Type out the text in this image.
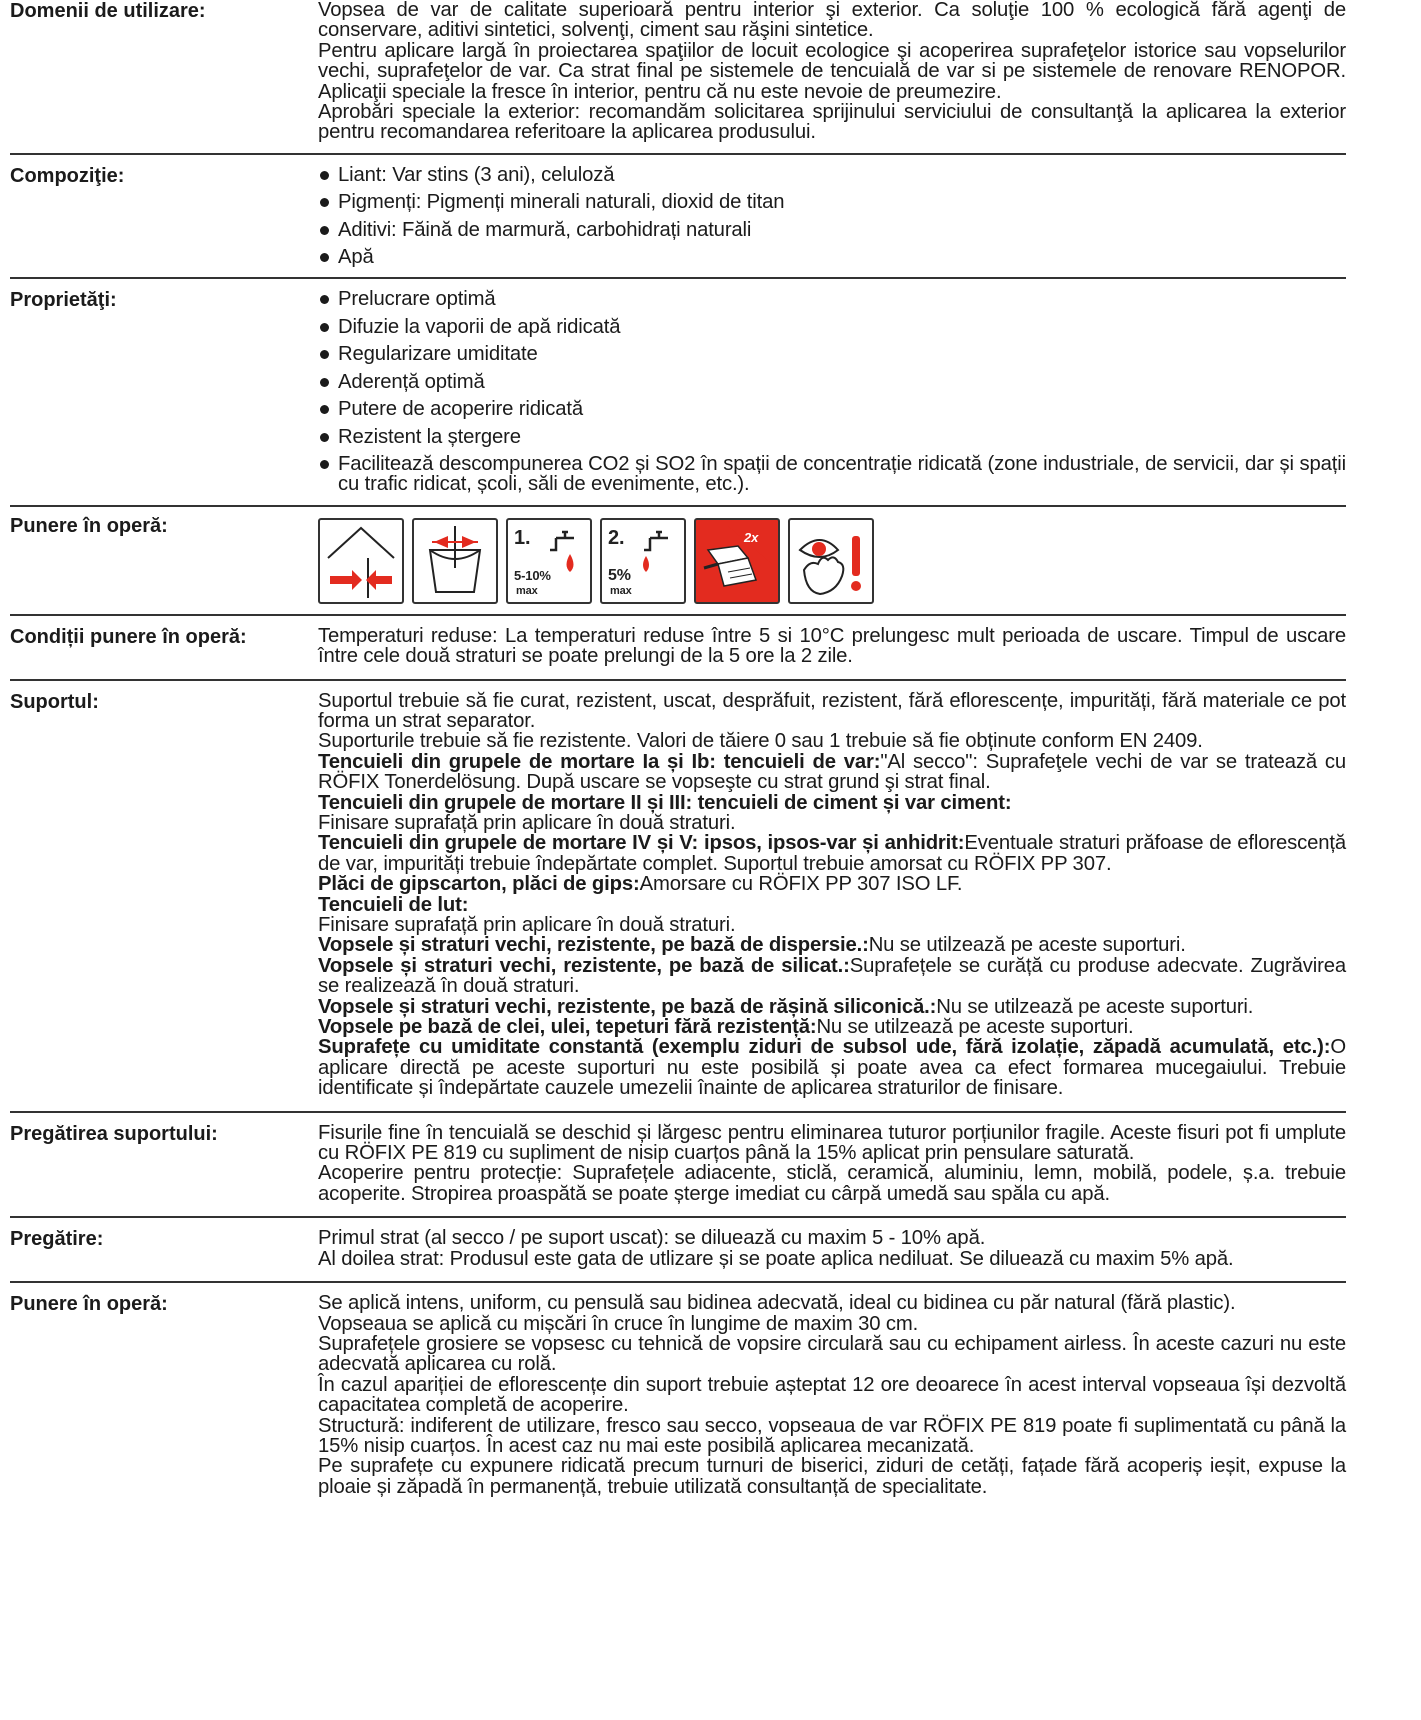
Domenii de utilizare:	Vopsea de var de calitate superioară pentru interior şi exterior. Ca soluţie 100 % ecologică fără agenţi de conservare, aditivi sintetici, solvenţi, ciment sau răşini sintetice.

Pentru aplicare largă în proiectarea spaţiilor de locuit ecologice şi acoperirea suprafeţelor istorice sau vopselurilor vechi, suprafeţelor de var. Ca strat final pe sistemele de tencuială de var si pe sistemele de renovare RENOPOR. Aplicaţii speciale la fresce în interior, pentru că nu este nevoie de preumezire.

Aprobări speciale la exterior: recomandăm solicitarea sprijinului serviciului de consultanţă la aplicarea la exterior pentru recomandarea referitoare la aplicarea produsului.

Compoziţie:	Liant: Var stins (3 ani), celuloză
Pigmenți: Pigmenți minerali naturali, dioxid de titan
Aditivi: Făină de marmură, carbohidrați naturali
Apă
Proprietăţi:	Prelucrare optimă
Difuzie la vaporii de apă ridicată
Regularizare umiditate
Aderență optimă
Putere de acoperire ridicată
Rezistent la ștergere
Facilitează descompunerea CO2 și SO2 în spații de concentrație ridicată (zone industriale, de servicii, dar și spații cu trafic ridicat, școli, săli de evenimente, etc.).
Punere în operă:
1.
5-10%
max
2.
5%
max
2x
Condiții punere în operă:	Temperaturi reduse: La temperaturi reduse între 5 si 10°C prelungesc mult perioada de uscare. Timpul de uscare între cele două straturi se poate prelungi de la 5 ore la 2 zile.

Suportul:	Suportul trebuie să fie curat, rezistent, uscat, desprăfuit, rezistent, fără eflorescențe, impurități, fără materiale ce pot forma un strat separator.

Suporturile trebuie să fie rezistente. Valori de tăiere 0 sau 1 trebuie să fie obținute conform EN 2409.

Tencuieli din grupele de mortare Ia și Ib: tencuieli de var:"Al secco": Suprafeţele vechi de var se tratează cu RÖFIX Tonerdelösung. După uscare se vopseşte cu strat grund şi strat final.

Tencuieli din grupele de mortare II și III: tencuieli de ciment și var ciment:

Finisare suprafață prin aplicare în două straturi.

Tencuieli din grupele de mortare IV și V: ipsos, ipsos-var și anhidrit:Eventuale straturi prăfoase de eflorescență de var, impurități trebuie îndepărtate complet. Suportul trebuie amorsat cu RÖFIX PP 307.

Plăci de gipscarton, plăci de gips:Amorsare cu RÖFIX PP 307 ISO LF.

Tencuieli de lut:

Finisare suprafață prin aplicare în două straturi.

Vopsele și straturi vechi, rezistente, pe bază de dispersie.:Nu se utilzează pe aceste suporturi.

Vopsele și straturi vechi, rezistente, pe bază de silicat.:Suprafețele se curăță cu produse adecvate. Zugrăvirea se realizează în două straturi.

Vopsele și straturi vechi, rezistente, pe bază de rășină siliconică.:Nu se utilzează pe aceste suporturi.

Vopsele pe bază de clei, ulei, tepeturi fără rezistență:Nu se utilzează pe aceste suporturi.

Suprafețe cu umiditate constantă (exemplu ziduri de subsol ude, fără izolație, zăpadă acumulată, etc.):O aplicare directă pe aceste suporturi nu este posibilă și poate avea ca efect formarea mucegaiului. Trebuie identificate și îndepărtate cauzele umezelii înainte de aplicarea straturilor de finisare.

Pregătirea suportului:	Fisurile fine în tencuială se deschid și lărgesc pentru eliminarea tuturor porțiunilor fragile. Aceste fisuri pot fi umplute cu RÖFIX PE 819 cu supliment de nisip cuarțos până la 15% aplicat prin pensulare saturată.

Acoperire pentru protecție: Suprafețele adiacente, sticlă, ceramică, aluminiu, lemn, mobilă, podele, ș.a. trebuie acoperite. Stropirea proaspătă se poate șterge imediat cu cârpă umedă sau spăla cu apă.

Pregătire:	Primul strat (al secco / pe suport uscat): se diluează cu maxim 5 - 10% apă.

Al doilea strat: Produsul este gata de utlizare și se poate aplica nediluat. Se diluează cu maxim 5% apă.

Punere în operă:	Se aplică intens, uniform, cu pensulă sau bidinea adecvată, ideal cu bidinea cu păr natural (fără plastic).

Vopseaua se aplică cu mișcări în cruce în lungime de maxim 30 cm.

Suprafețele grosiere se vopsesc cu tehnică de vopsire circulară sau cu echipament airless. În aceste cazuri nu este adecvată aplicarea cu rolă.

În cazul apariției de eflorescențe din suport trebuie așteptat 12 ore deoarece în acest interval vopseaua își dezvoltă capacitatea completă de acoperire.

Structură: indiferent de utilizare, fresco sau secco, vopseaua de var RÖFIX PE 819 poate fi suplimentată cu până la 15% nisip cuarțos. În acest caz nu mai este posibilă aplicarea mecanizată.

Pe suprafețe cu expunere ridicată precum turnuri de biserici, ziduri de cetăți, fațade fără acoperiș ieșit, expuse la ploaie și zăpadă în permanență, trebuie utilizată consultanță de specialitate.
